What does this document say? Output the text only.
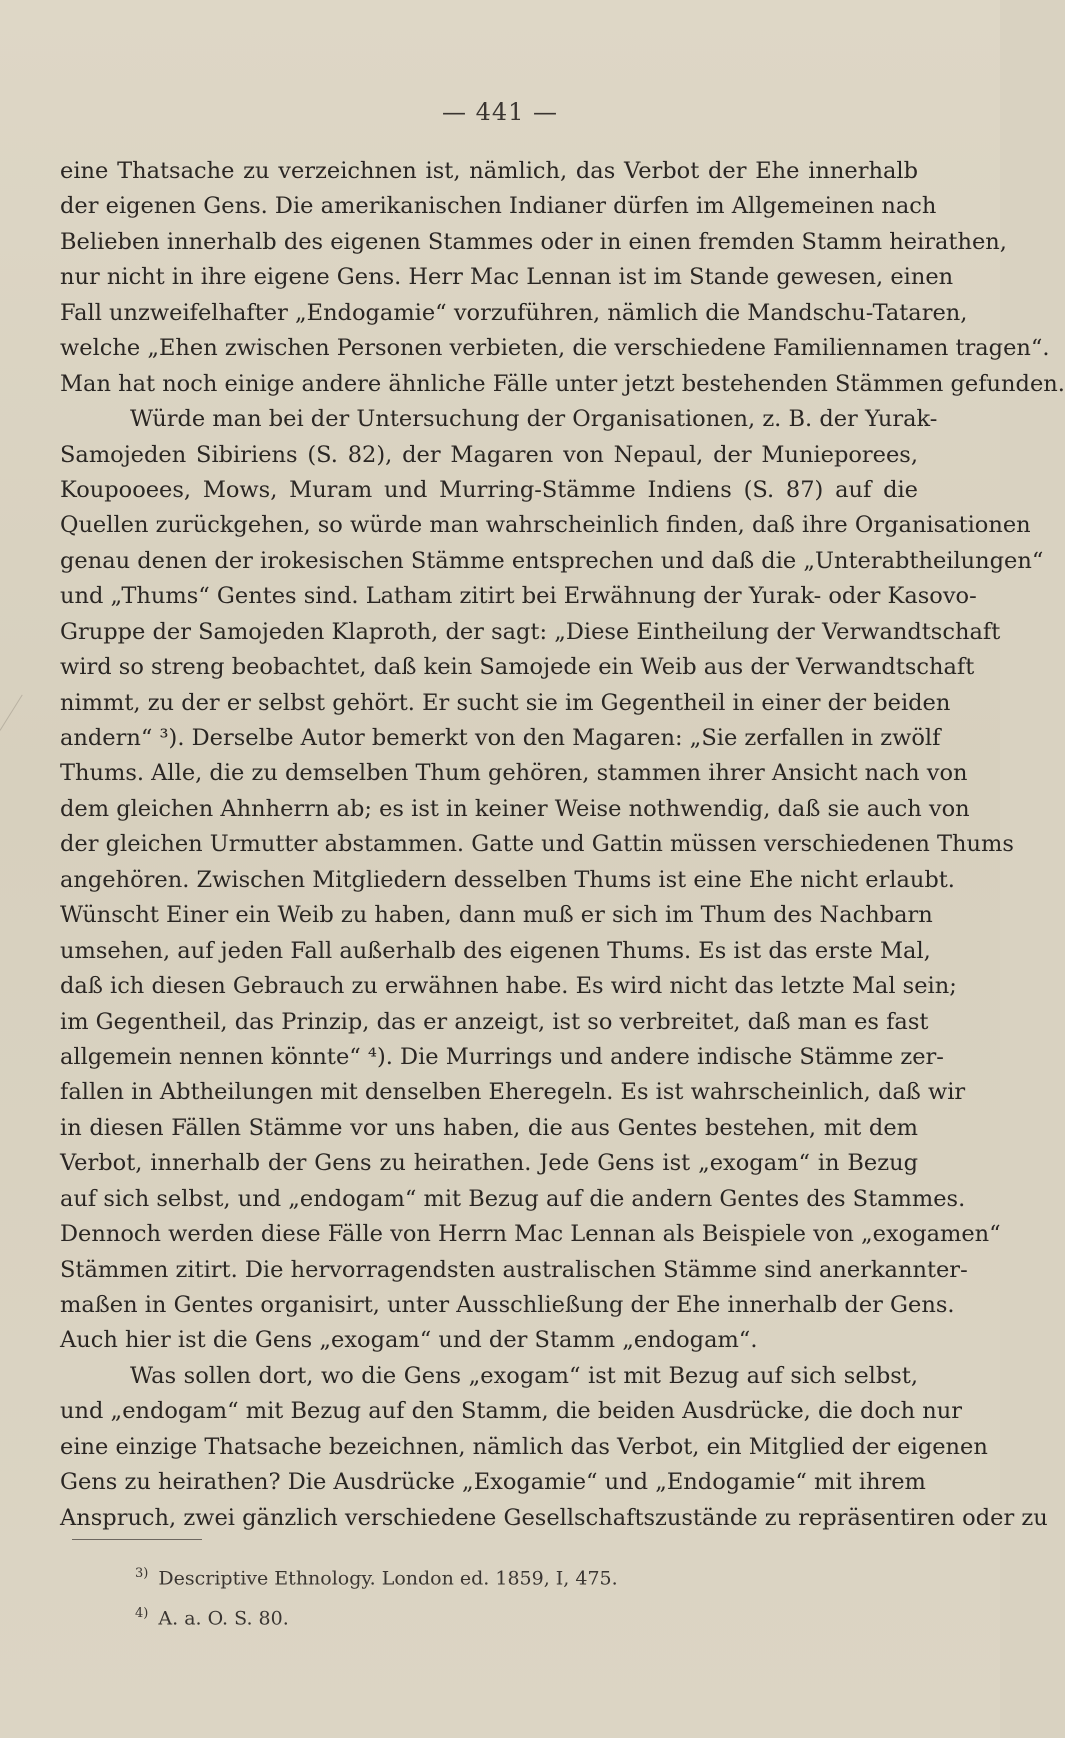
— 441 —
eine Thatsache zu verzeichnen ist, nämlich, das Verbot der Ehe innerhalb
der eigenen Gens. Die amerikanischen Indianer dürfen im Allgemeinen nach
Belieben innerhalb des eigenen Stammes oder in einen fremden Stamm heirathen,
nur nicht in ihre eigene Gens. Herr Mac Lennan ist im Stande gewesen, einen
Fall unzweifelhafter „Endogamie“ vorzuführen, nämlich die Mandschu-Tataren,
welche „Ehen zwischen Personen verbieten, die verschiedene Familiennamen tragen“.
Man hat noch einige andere ähnliche Fälle unter jetzt bestehenden Stämmen gefunden.
Würde man bei der Untersuchung der Organisationen, z. B. der Yurak-
Samojeden Sibiriens (S. 82), der Magaren von Nepaul, der Munieporees,
Koupooees, Mows, Muram und Murring-Stämme Indiens (S. 87) auf die
Quellen zurückgehen, so würde man wahrscheinlich finden, daß ihre Organisationen
genau denen der irokesischen Stämme entsprechen und daß die „Unterabtheilungen“
und „Thums“ Gentes sind. Latham zitirt bei Erwähnung der Yurak- oder Kasovo-
Gruppe der Samojeden Klaproth, der sagt: „Diese Eintheilung der Verwandtschaft
wird so streng beobachtet, daß kein Samojede ein Weib aus der Verwandtschaft
nimmt, zu der er selbst gehört. Er sucht sie im Gegentheil in einer der beiden
andern“ ³). Derselbe Autor bemerkt von den Magaren: „Sie zerfallen in zwölf
Thums. Alle, die zu demselben Thum gehören, stammen ihrer Ansicht nach von
dem gleichen Ahnherrn ab; es ist in keiner Weise nothwendig, daß sie auch von
der gleichen Urmutter abstammen. Gatte und Gattin müssen verschiedenen Thums
angehören. Zwischen Mitgliedern desselben Thums ist eine Ehe nicht erlaubt.
Wünscht Einer ein Weib zu haben, dann muß er sich im Thum des Nachbarn
umsehen, auf jeden Fall außerhalb des eigenen Thums. Es ist das erste Mal,
daß ich diesen Gebrauch zu erwähnen habe. Es wird nicht das letzte Mal sein;
im Gegentheil, das Prinzip, das er anzeigt, ist so verbreitet, daß man es fast
allgemein nennen könnte“ ⁴). Die Murrings und andere indische Stämme zer-
fallen in Abtheilungen mit denselben Eheregeln. Es ist wahrscheinlich, daß wir
in diesen Fällen Stämme vor uns haben, die aus Gentes bestehen, mit dem
Verbot, innerhalb der Gens zu heirathen. Jede Gens ist „exogam“ in Bezug
auf sich selbst, und „endogam“ mit Bezug auf die andern Gentes des Stammes.
Dennoch werden diese Fälle von Herrn Mac Lennan als Beispiele von „exogamen“
Stämmen zitirt. Die hervorragendsten australischen Stämme sind anerkannter-
maßen in Gentes organisirt, unter Ausschließung der Ehe innerhalb der Gens.
Auch hier ist die Gens „exogam“ und der Stamm „endogam“.
Was sollen dort, wo die Gens „exogam“ ist mit Bezug auf sich selbst,
und „endogam“ mit Bezug auf den Stamm, die beiden Ausdrücke, die doch nur
eine einzige Thatsache bezeichnen, nämlich das Verbot, ein Mitglied der eigenen
Gens zu heirathen? Die Ausdrücke „Exogamie“ und „Endogamie“ mit ihrem
Anspruch, zwei gänzlich verschiedene Gesellschaftszustände zu repräsentiren oder zu
$^{3)}$ Descriptive Ethnology. London ed. 1859, I, 475.
$^{4)}$ A. a. O. S. 80.
